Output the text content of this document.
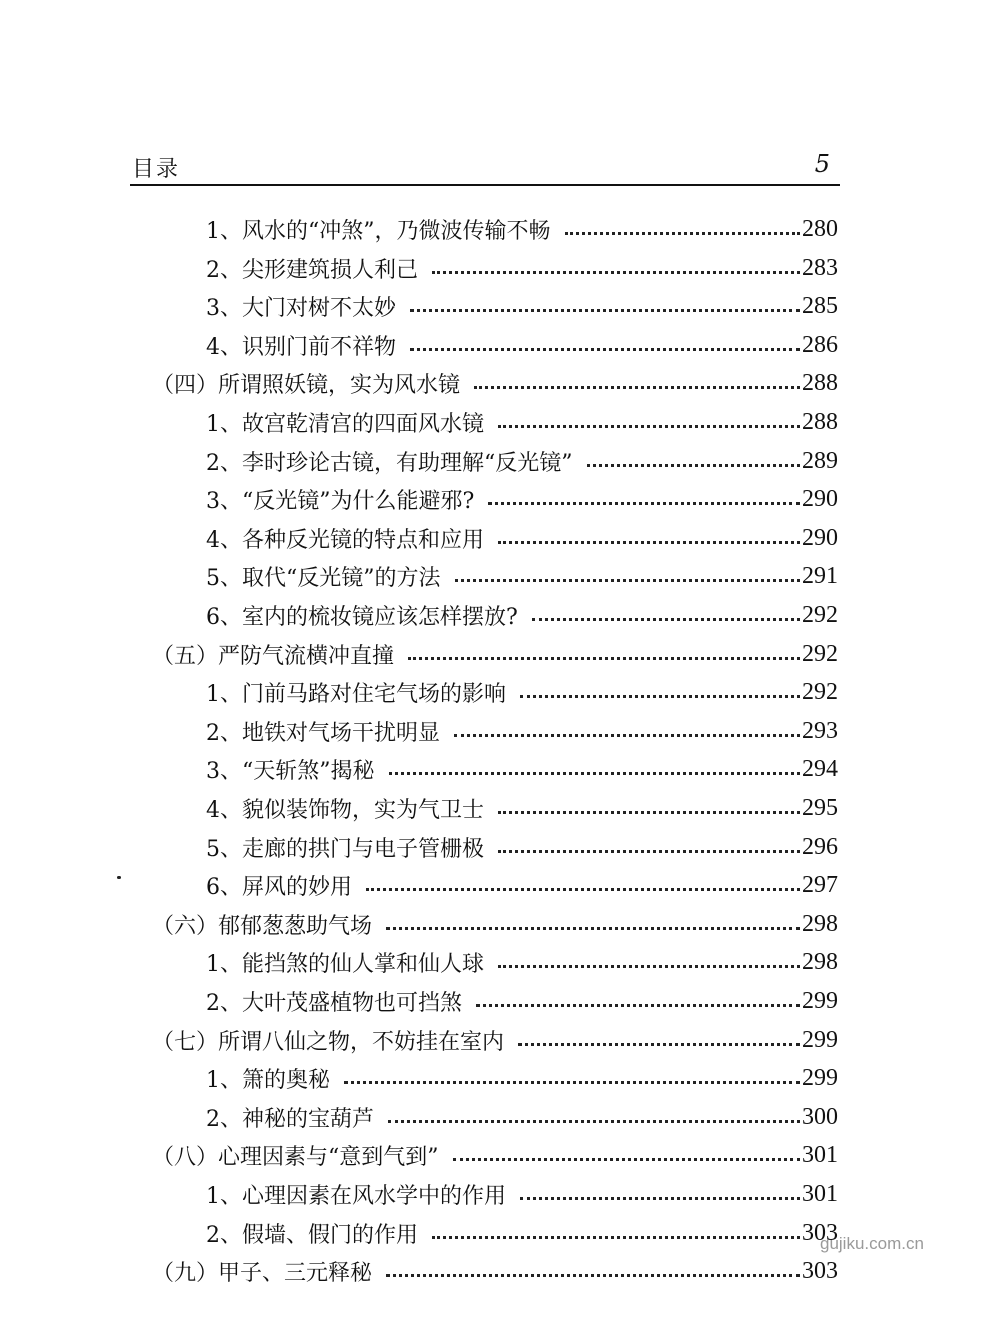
目录	5
1、风水的“冲煞”，乃微波传输不畅	280
2、尖形建筑损人利己	283
3、大门对树不太妙	285
4、识别门前不祥物	286
（四）所谓照妖镜，实为风水镜	288
1、故宫乾清宫的四面风水镜	288
2、李时珍论古镜，有助理解“反光镜”	289
3、“反光镜”为什么能避邪?	290
4、各种反光镜的特点和应用	290
5、取代“反光镜”的方法	291
6、室内的梳妆镜应该怎样摆放?	292
（五）严防气流横冲直撞	292
1、门前马路对住宅气场的影响	292
2、地铁对气场干扰明显	293
3、“天斩煞”揭秘	294
4、貌似装饰物，实为气卫士	295
5、走廊的拱门与电子管栅极	296
6、屏风的妙用	297
（六）郁郁葱葱助气场	298
1、能挡煞的仙人掌和仙人球	298
2、大叶茂盛植物也可挡煞	299
（七）所谓八仙之物，不妨挂在室内	299
1、箫的奥秘	299
2、神秘的宝葫芦	300
（八）心理因素与“意到气到”	301
1、心理因素在风水学中的作用	301
2、假墙、假门的作用	303
（九）甲子、三元释秘	303
gujiku.com.cn
